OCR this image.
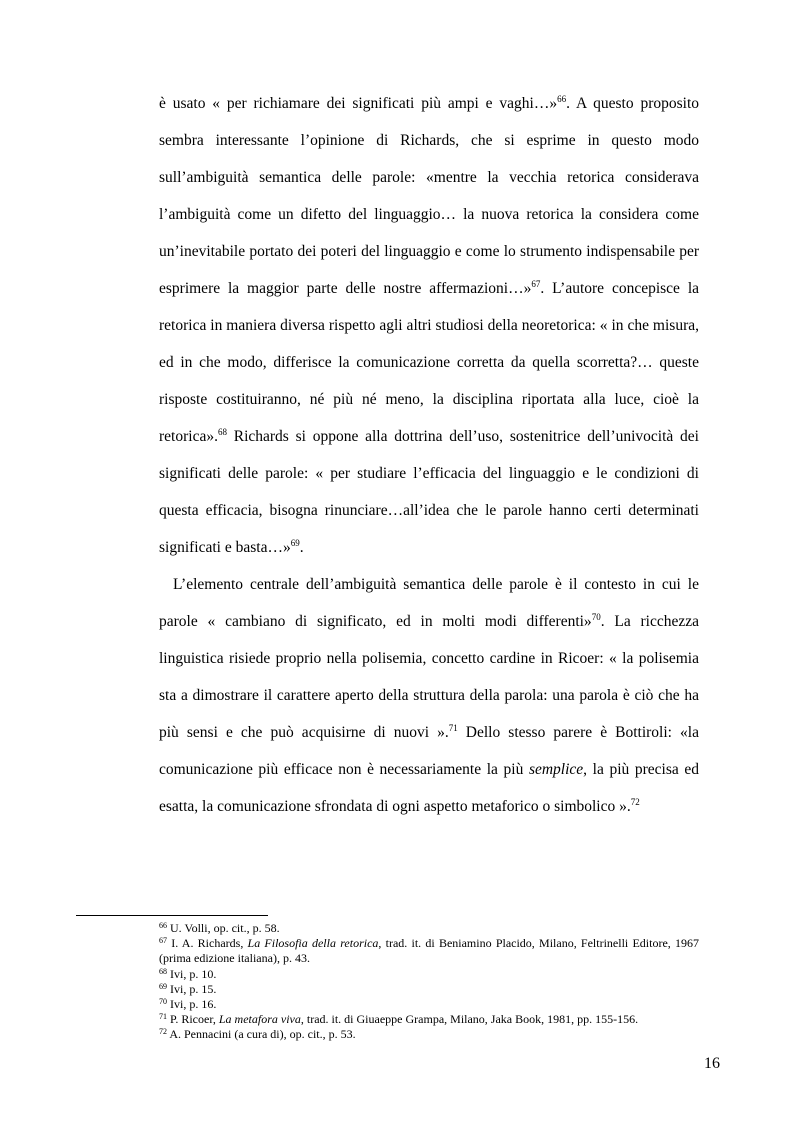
è usato « per richiamare dei significati più ampi e vaghi…»$^{66}$. A questo proposito sembra interessante l’opinione di Richards, che si esprime in questo modo sull’ambiguità semantica delle parole: «mentre la vecchia retorica considerava l’ambiguità come un difetto del linguaggio… la nuova retorica la considera come un’inevitabile portato dei poteri del linguaggio e come lo strumento indispensabile per esprimere la maggior parte delle nostre affermazioni…»$^{67}$. L’autore concepisce la retorica in maniera diversa rispetto agli altri studiosi della neoretorica: « in che misura, ed in che modo, differisce la comunicazione corretta da quella scorretta?… queste risposte costituiranno, né più né meno, la disciplina riportata alla luce, cioè la retorica».$^{68}$ Richards si oppone alla dottrina dell’uso, sostenitrice dell’univocità dei significati delle parole: « per studiare l’efficacia del linguaggio e le condizioni di questa efficacia, bisogna rinunciare…all’idea che le parole hanno certi determinati significati e basta…»$^{69}$.

L’elemento centrale dell’ambiguità semantica delle parole è il contesto in cui le parole « cambiano di significato, ed in molti modi differenti»$^{70}$. La ricchezza linguistica risiede proprio nella polisemia, concetto cardine in Ricoer: « la polisemia sta a dimostrare il carattere aperto della struttura della parola: una parola è ciò che ha più sensi e che può acquisirne di nuovi ».$^{71}$ Dello stesso parere è Bottiroli: «la comunicazione più efficace non è necessariamente la più semplice, la più precisa ed esatta, la comunicazione sfrondata di ogni aspetto metaforico o simbolico ».$^{72}$

$^{66}$ U. Volli, op. cit., p. 58.

$^{67}$ I. A. Richards, La Filosofia della retorica, trad. it. di Beniamino Placido, Milano, Feltrinelli Editore, 1967 (prima edizione italiana), p. 43.

$^{68}$ Ivi, p. 10.

$^{69}$ Ivi, p. 15.

$^{70}$ Ivi, p. 16.

$^{71}$ P. Ricoer, La metafora viva, trad. it. di Giuaeppe Grampa, Milano, Jaka Book, 1981, pp. 155-156.

$^{72}$ A. Pennacini (a cura di), op. cit., p. 53.

16
